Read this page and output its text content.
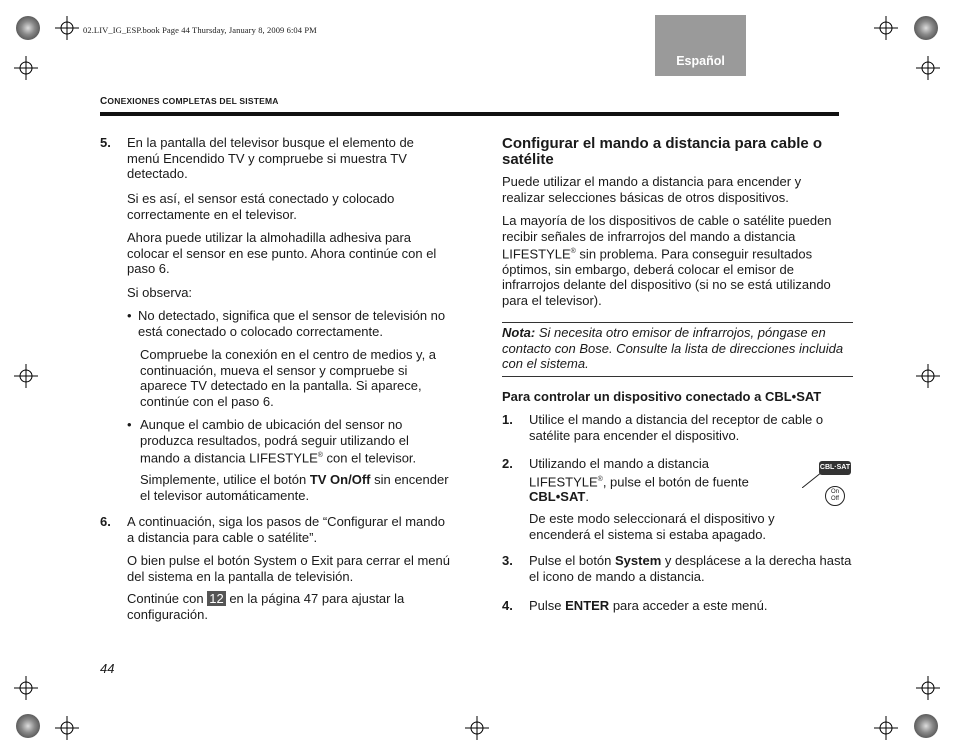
02.LIV_IG_ESP.book Page 44 Thursday, January 8, 2009 6:04 PM
Español
CONEXIONES COMPLETAS DEL SISTEMA
5. En la pantalla del televisor busque el elemento de menú Encendido TV y compruebe si muestra TV detectado.
Si es así, el sensor está conectado y colocado correctamente en el televisor.
Ahora puede utilizar la almohadilla adhesiva para colocar el sensor en ese punto. Ahora continúe con el paso 6.
Si observa:
• No detectado, significa que el sensor de televisión no está conectado o colocado correctamente.
Compruebe la conexión en el centro de medios y, a continuación, mueva el sensor y compruebe si aparece TV detectado en la pantalla. Si aparece, continúe con el paso 6.
• Aunque el cambio de ubicación del sensor no produzca resultados, podrá seguir utilizando el mando a distancia LIFESTYLE® con el televisor.
Simplemente, utilice el botón TV On/Off sin encender el televisor automáticamente.
6. A continuación, siga los pasos de “Configurar el mando a distancia para cable o satélite”.
O bien pulse el botón System o Exit para cerrar el menú del sistema en la pantalla de televisión.
Continúe con 12 en la página 47 para ajustar la configuración.
44
Configurar el mando a distancia para cable o satélite
Puede utilizar el mando a distancia para encender y realizar selecciones básicas de otros dispositivos.
La mayoría de los dispositivos de cable o satélite pueden recibir señales de infrarrojos del mando a distancia LIFESTYLE® sin problema. Para conseguir resultados óptimos, sin embargo, deberá colocar el emisor de infrarrojos delante del dispositivo (si no se está utilizando para el televisor).
Nota: Si necesita otro emisor de infrarrojos, póngase en contacto con Bose. Consulte la lista de direcciones incluida con el sistema.
Para controlar un dispositivo conectado a CBL•SAT
1. Utilice el mando a distancia del receptor de cable o satélite para encender el dispositivo.
2. Utilizando el mando a distancia LIFESTYLE®, pulse el botón de fuente CBL•SAT.
De este modo seleccionará el dispositivo y encenderá el sistema si estaba apagado.
CBL·SAT
On
Off
3. Pulse el botón System y desplácese a la derecha hasta el icono de mando a distancia.
4. Pulse ENTER para acceder a este menú.
